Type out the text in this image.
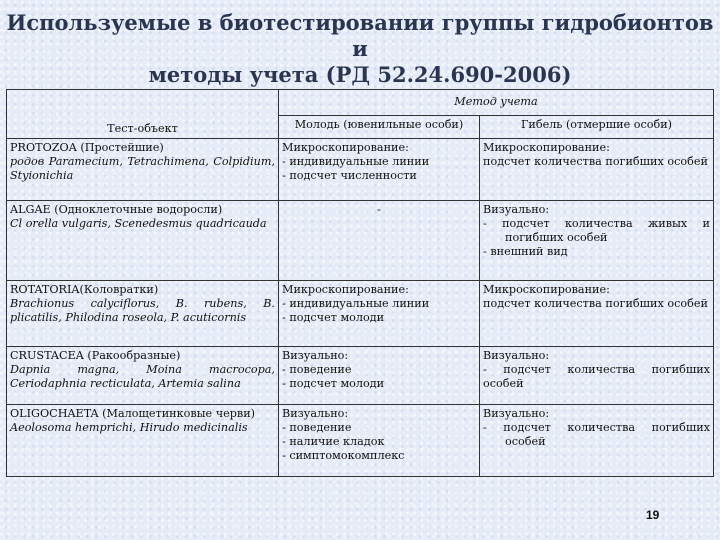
Используемые в биотестировании группы гидробионтов и
методы учета (РД 52.24.690-2006)
Тест-объект	Метод учета	
	Молодь (ювенильные особи)	Гибель (отмершие особи)

PROTOZOA (Простейшие)
родов Paramecium, Tetrachimena, Colpidium, Styionichia	Микроскопирование:
- индивидуальные линии
- подсчет численности	Микроскопирование:
подсчет количества погибших особей

ALGAE (Одноклеточные водоросли)
Cl orella vulgaris, Scenedesmus quadricauda	-	Визуально:
- подсчет количества живых и погибших особей
- внешний вид

ROTATORIA(Коловратки)
Brachionus calyciflorus, B. rubens, B. plicatilis, Philodina roseola, P. acuticornis	Микроскопирование:
- индивидуальные линии
- подсчет молоди	Микроскопирование:
подсчет количества погибших особей

CRUSTACEA (Ракообразные)
Dapnia magna, Moina macrocopa, Ceriodaphnia recticulata, Artemia salina	Визуально:
- поведение
- подсчет молоди	Визуально:
- подсчет количества погибших особей

OLIGOCHAETA (Малощетинковые черви)
Aeolosoma hemprichi, Hirudo medicinalis	Визуально:
- поведение
- наличие кладок
- симптомокомплекс	Визуально:
- подсчет количества погибших особей
19
